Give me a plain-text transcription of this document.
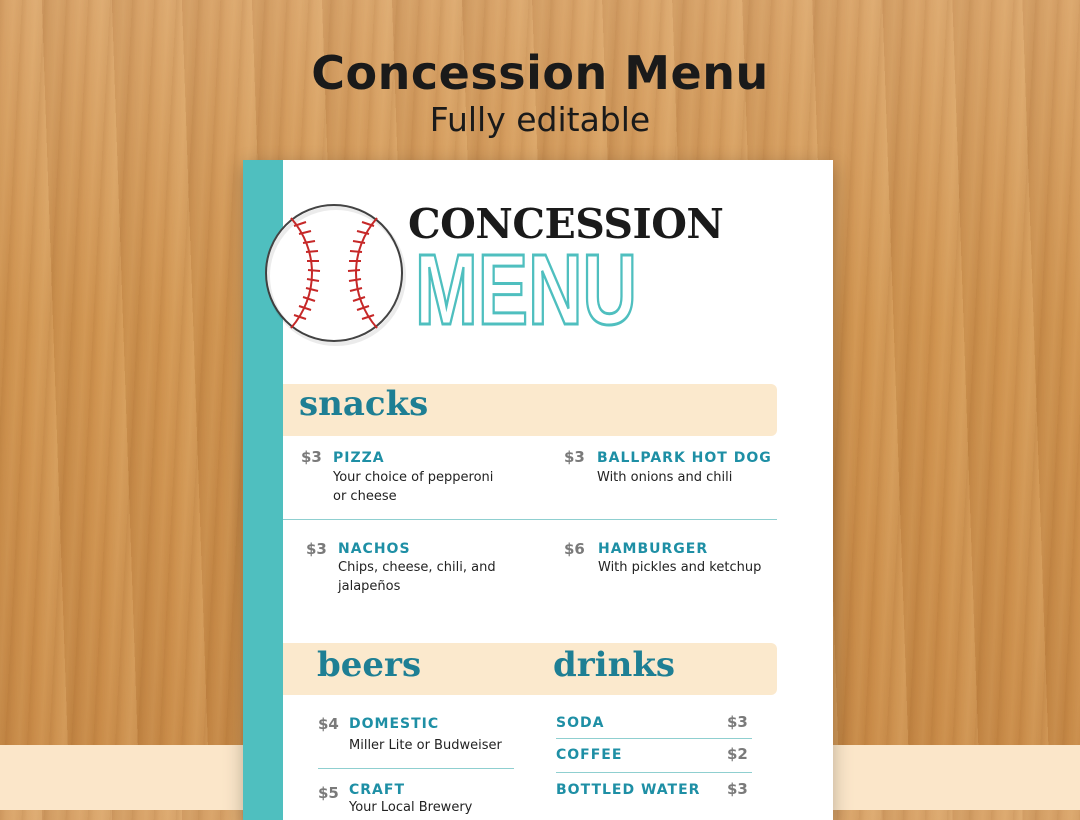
Concession Menu
Fully editable
CONCESSION
MENU
snacks
$3 PIZZA
Your choice of pepperoni
or cheese
$3 BALLPARK HOT DOG
With onions and chili
$3 NACHOS
Chips, cheese, chili, and
jalapeños
$6 HAMBURGER
With pickles and ketchup
beers	drinks
$4 DOMESTIC
Miller Lite or Budweiser
$5 CRAFT
Your Local Brewery
SODA	$3
COFFEE	$2
BOTTLED WATER $3
